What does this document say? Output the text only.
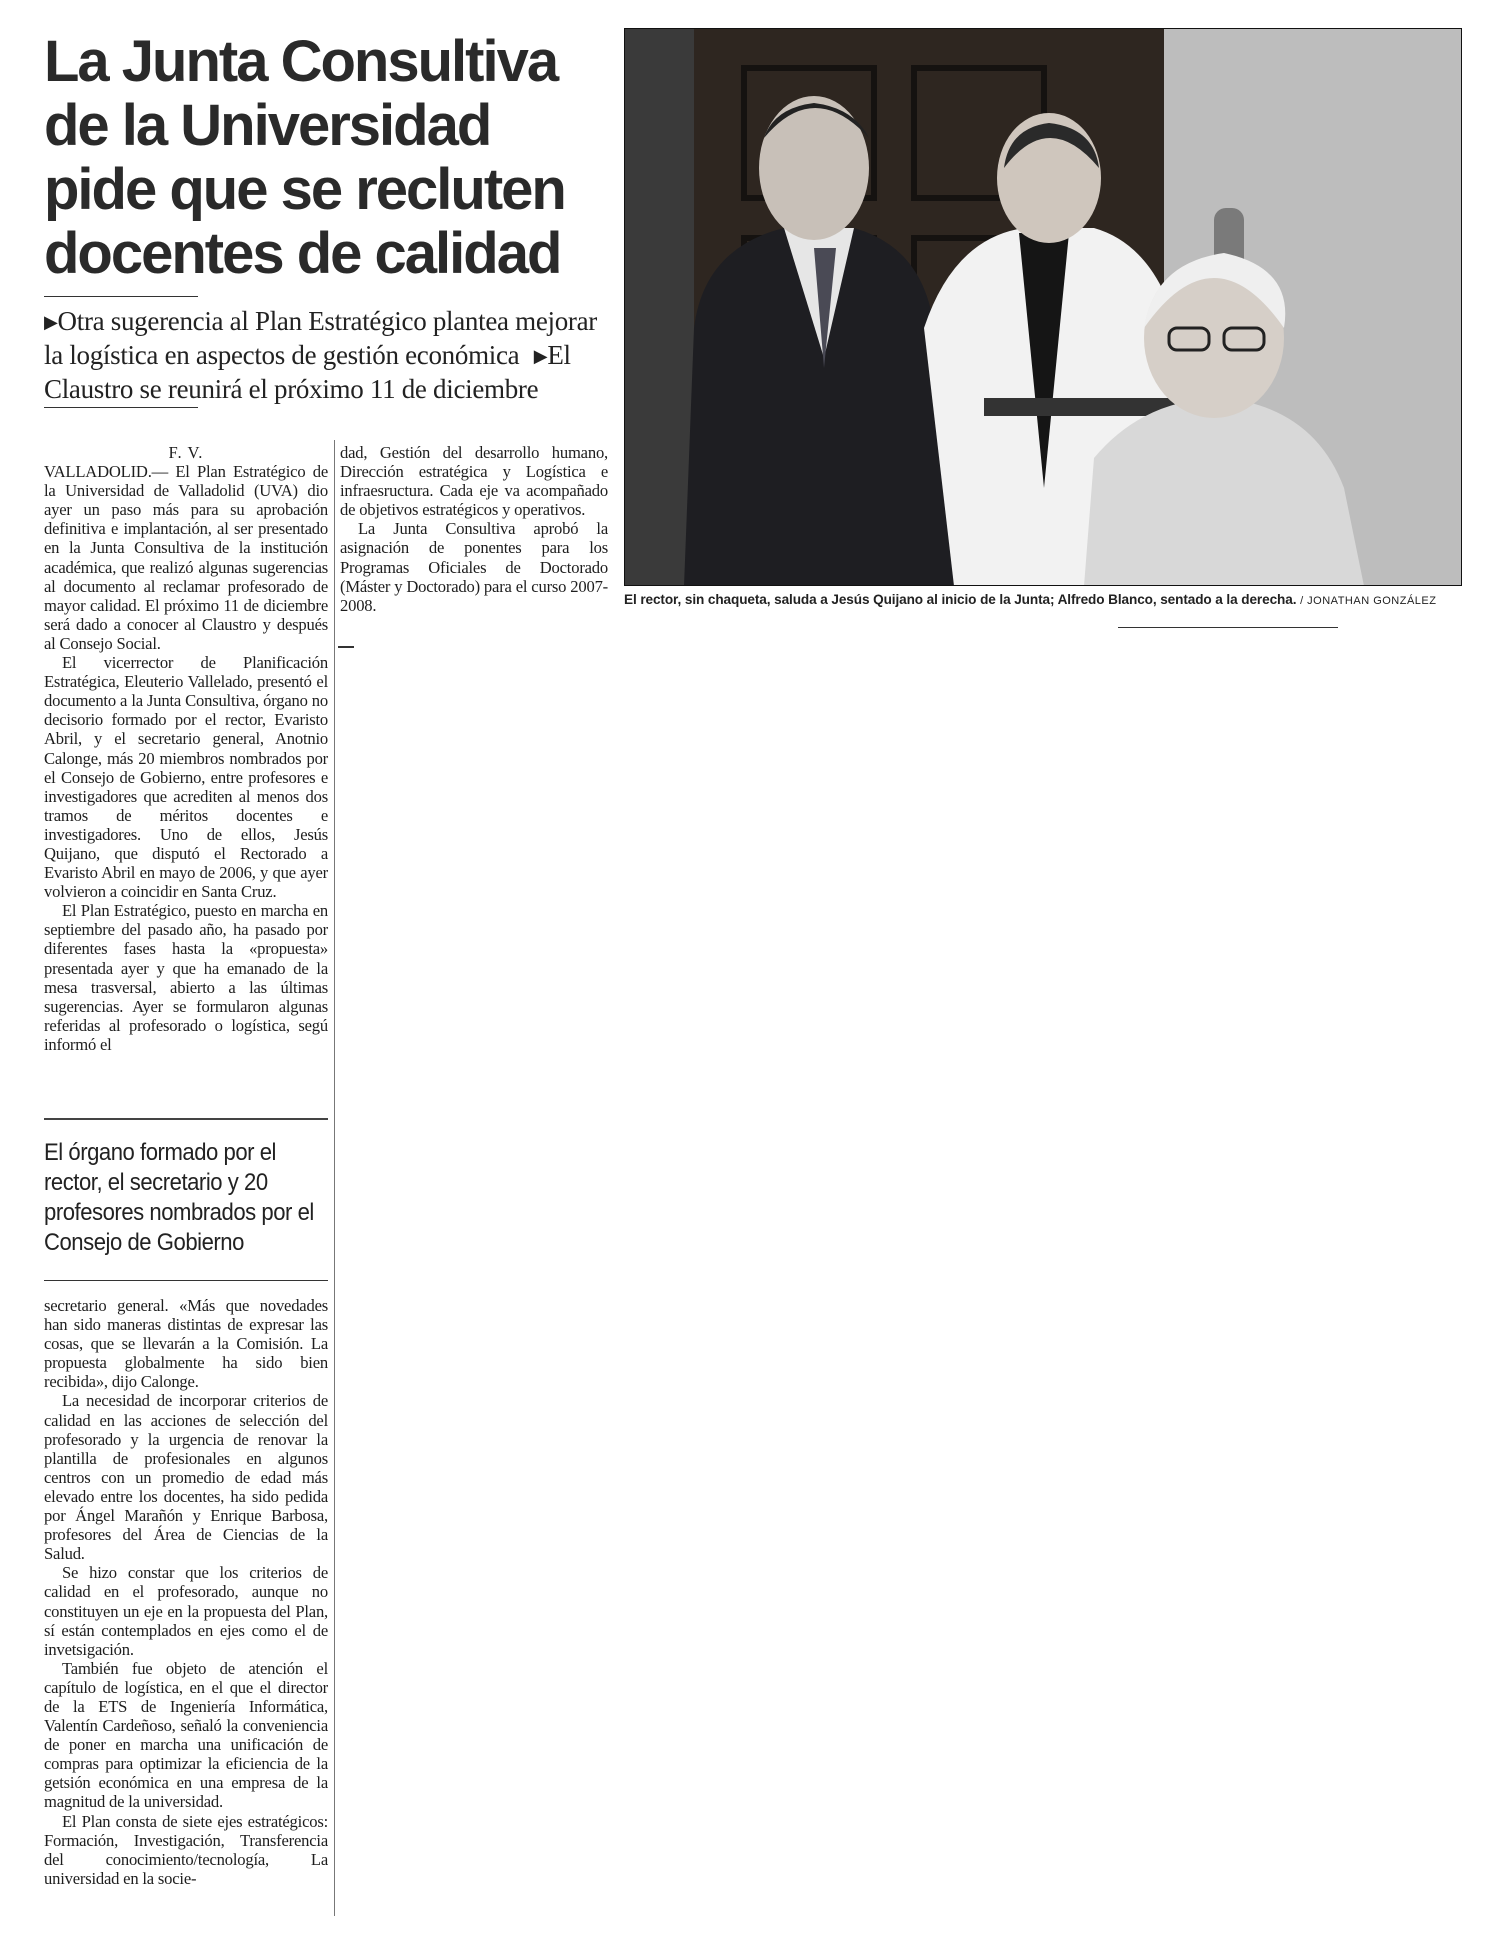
La Junta Consultiva de la Universidad pide que se recluten docentes de calidad
▶Otra sugerencia al Plan Estratégico plantea mejorar la logística en aspectos de gestión económica ▶El Claustro se reunirá el próximo 11 de diciembre

F. V.

VALLADOLID.— El Plan Estratégico de la Universidad de Valladolid (UVA) dio ayer un paso más para su aprobación definitiva e implantación, al ser presentado en la Junta Consultiva de la institución académica, que realizó algunas sugerencias al documento al reclamar profesorado de mayor calidad. El próximo 11 de diciembre será dado a conocer al Claustro y después al Consejo Social.

El vicerrector de Planificación Estratégica, Eleuterio Vallelado, presentó el documento a la Junta Consultiva, órgano no decisorio formado por el rector, Evaristo Abril, y el secretario general, Anotnio Calonge, más 20 miembros nombrados por el Consejo de Gobierno, entre profesores e investigadores que acrediten al menos dos tramos de méritos docentes e investigadores. Uno de ellos, Jesús Quijano, que disputó el Rectorado a Evaristo Abril en mayo de 2006, y que ayer volvieron a coincidir en Santa Cruz.

El Plan Estratégico, puesto en marcha en septiembre del pasado año, ha pasado por diferentes fases hasta la «propuesta» presentada ayer y que ha emanado de la mesa trasversal, abierto a las últimas sugerencias. Ayer se formularon algunas referidas al profesorado o logística, segú informó el

El órgano formado por el rector, el secretario y 20 profesores nombrados por el Consejo de Gobierno

secretario general. «Más que novedades han sido maneras distintas de expresar las cosas, que se llevarán a la Comisión. La propuesta globalmente ha sido bien recibida», dijo Calonge.

La necesidad de incorporar criterios de calidad en las acciones de selección del profesorado y la urgencia de renovar la plantilla de profesionales en algunos centros con un promedio de edad más elevado entre los docentes, ha sido pedida por Ángel Marañón y Enrique Barbosa, profesores del Área de Ciencias de la Salud.

Se hizo constar que los criterios de calidad en el profesorado, aunque no constituyen un eje en la propuesta del Plan, sí están contemplados en ejes como el de invetsigación.

También fue objeto de atención el capítulo de logística, en el que el director de la ETS de Ingeniería Informática, Valentín Cardeñoso, señaló la conveniencia de poner en marcha una unificación de compras para optimizar la eficiencia de la getsión económica en una empresa de la magnitud de la universidad.

El Plan consta de siete ejes estratégicos: Formación, Investigación, Transferencia del conocimiento/tecnología, La universidad en la socie-

dad, Gestión del desarrollo humano, Dirección estratégica y Logística e infraesructura. Cada eje va acompañado de objetivos estratégicos y operativos.

La Junta Consultiva aprobó la asignación de ponentes para los Programas Oficiales de Doctorado (Máster y Doctorado) para el curso 2007-2008.	El rector, sin chaqueta, saluda a Jesús Quijano al inicio de la Junta; Alfredo Blanco, sentado a la derecha. / JONATHAN GONZÁLEZ
